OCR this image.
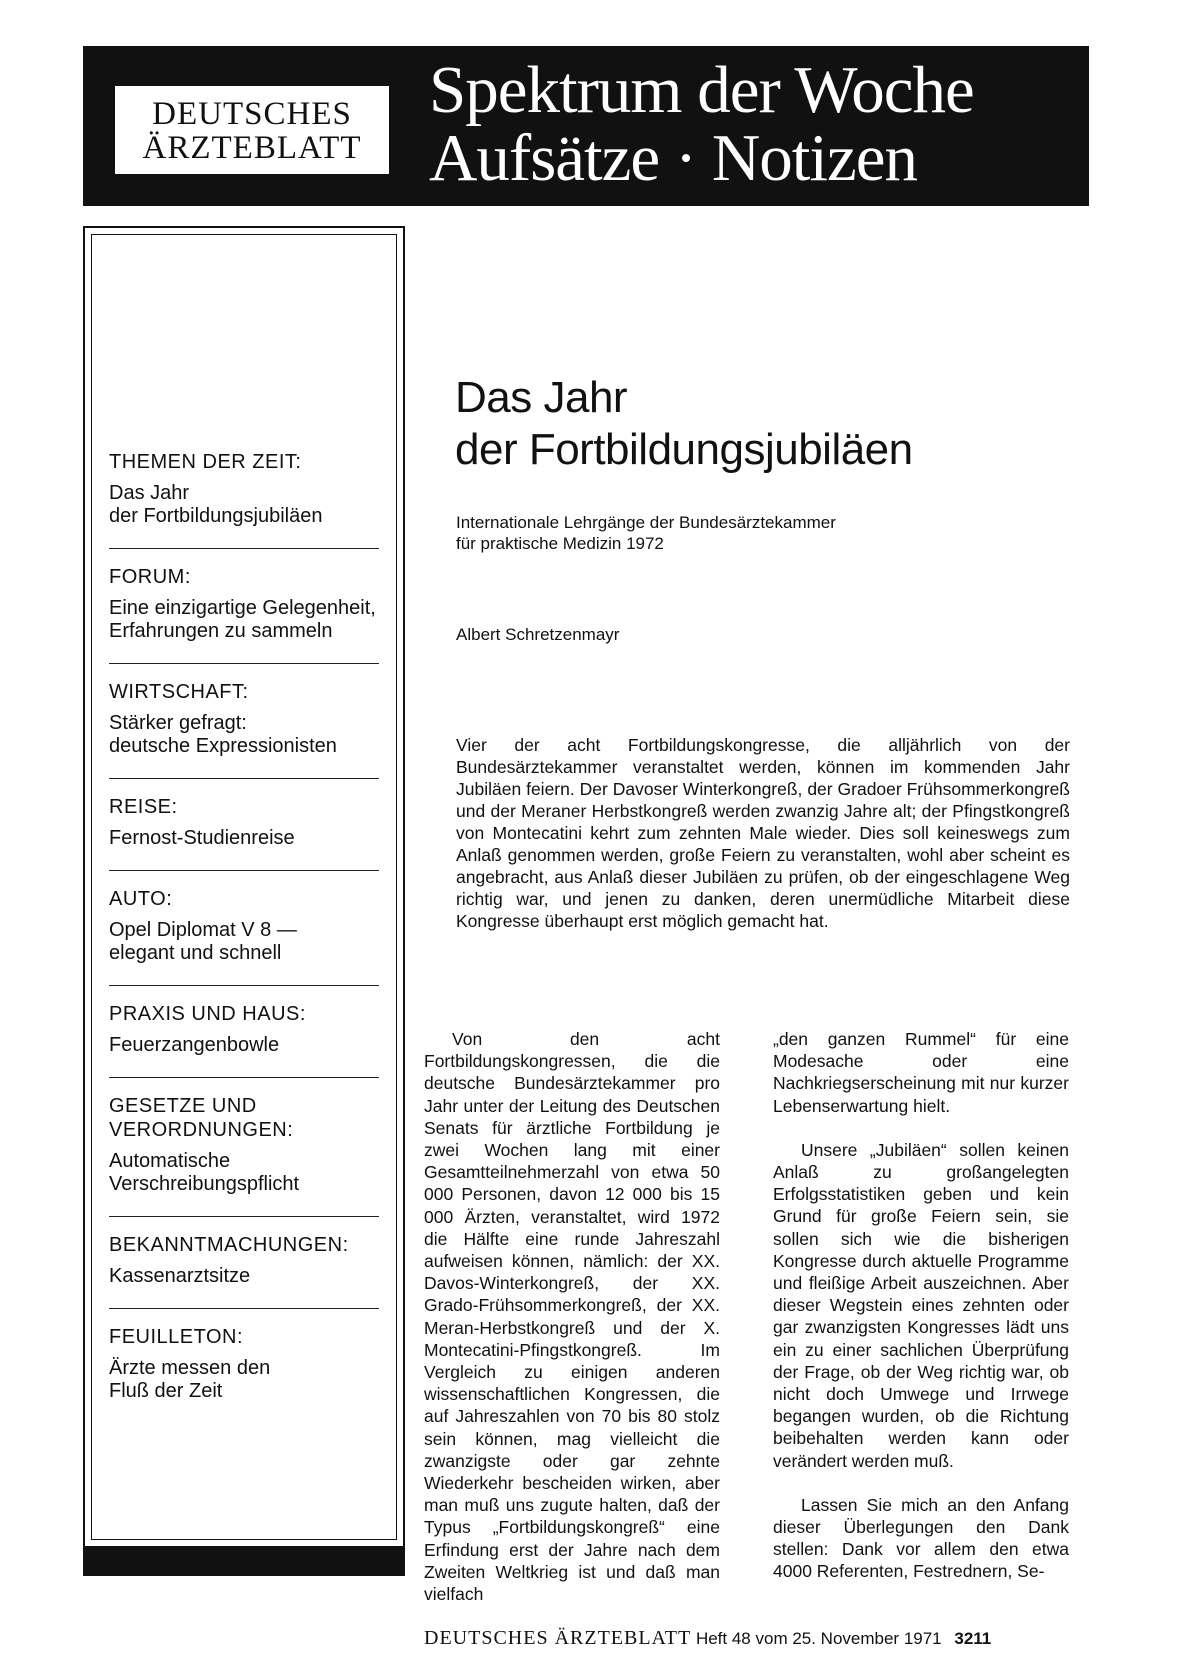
DEUTSCHES
ÄRZTEBLATT
Spektrum der Woche
Aufsätze · Notizen
THEMEN DER ZEIT:
Das Jahr
der Fortbildungsjubiläen
FORUM:
Eine einzigartige Gelegenheit, Erfahrungen zu sammeln
WIRTSCHAFT:
Stärker gefragt:
deutsche Expressionisten
REISE:
Fernost-Studienreise
AUTO:
Opel Diplomat V 8 —
elegant und schnell
PRAXIS UND HAUS:
Feuerzangenbowle
GESETZE UND
VERORDNUNGEN:
Automatische
Verschreibungspflicht
BEKANNTMACHUNGEN:
Kassenarztsitze
FEUILLETON:
Ärzte messen den
Fluß der Zeit
Das Jahr
der Fortbildungsjubiläen
Internationale Lehrgänge der Bundesärztekammer
für praktische Medizin 1972
Albert Schretzenmayr
Vier der acht Fortbildungskongresse, die alljährlich von der Bundesärztekammer veranstaltet werden, können im kommenden Jahr Jubiläen feiern. Der Davoser Winterkongreß, der Gradoer Frühsommerkongreß und der Meraner Herbstkongreß werden zwanzig Jahre alt; der Pfingstkongreß von Montecatini kehrt zum zehnten Male wieder. Dies soll keineswegs zum Anlaß genommen werden, große Feiern zu veranstalten, wohl aber scheint es angebracht, aus Anlaß dieser Jubiläen zu prüfen, ob der eingeschlagene Weg richtig war, und jenen zu danken, deren unermüdliche Mitarbeit diese Kongresse überhaupt erst möglich gemacht hat.

Von den acht Fortbildungskongressen, die die deutsche Bundesärztekammer pro Jahr unter der Leitung des Deutschen Senats für ärztliche Fortbildung je zwei Wochen lang mit einer Gesamtteilnehmerzahl von etwa 50 000 Personen, davon 12 000 bis 15 000 Ärzten, veranstaltet, wird 1972 die Hälfte eine runde Jahreszahl aufweisen können, nämlich: der XX. Davos-Winterkongreß, der XX. Grado-Frühsommerkongreß, der XX. Meran-Herbstkongreß und der X. Montecatini-Pfingstkongreß. Im Vergleich zu einigen anderen wissenschaftlichen Kongressen, die auf Jahreszahlen von 70 bis 80 stolz sein können, mag vielleicht die zwanzigste oder gar zehnte Wiederkehr bescheiden wirken, aber man muß uns zugute halten, daß der Typus „Fortbildungskongreß“ eine Erfindung erst der Jahre nach dem Zweiten Weltkrieg ist und daß man vielfach

„den ganzen Rummel“ für eine Modesache oder eine Nachkriegserscheinung mit nur kurzer Lebenserwartung hielt.

Unsere „Jubiläen“ sollen keinen Anlaß zu großangelegten Erfolgsstatistiken geben und kein Grund für große Feiern sein, sie sollen sich wie die bisherigen Kongresse durch aktuelle Programme und fleißige Arbeit auszeichnen. Aber dieser Wegstein eines zehnten oder gar zwanzigsten Kongresses lädt uns ein zu einer sachlichen Überprüfung der Frage, ob der Weg richtig war, ob nicht doch Umwege und Irrwege begangen wurden, ob die Richtung beibehalten werden kann oder verändert werden muß.

Lassen Sie mich an den Anfang dieser Überlegungen den Dank stellen: Dank vor allem den etwa 4000 Referenten, Festrednern, Se-

DEUTSCHES ÄRZTEBLATT Heft 48 vom 25. November 1971 3211
